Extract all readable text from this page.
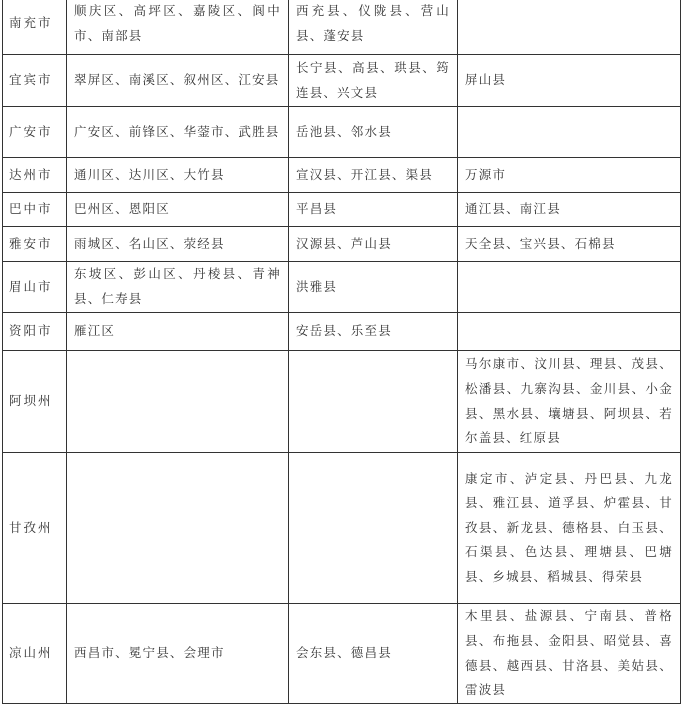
南充市	顺庆区、高坪区、嘉陵区、阆中市、南部县	西充县、仪陇县、营山县、蓬安县	
宜宾市	翠屏区、南溪区、叙州区、江安县	长宁县、高县、珙县、筠连县、兴文县	屏山县
广安市	广安区、前锋区、华蓥市、武胜县	岳池县、邻水县	
达州市	通川区、达川区、大竹县	宣汉县、开江县、渠县	万源市
巴中市	巴州区、恩阳区	平昌县	通江县、南江县
雅安市	雨城区、名山区、荥经县	汉源县、芦山县	天全县、宝兴县、石棉县
眉山市	东坡区、彭山区、丹棱县、青神县、仁寿县	洪雅县	
资阳市	雁江区	安岳县、乐至县	
阿坝州			马尔康市、汶川县、理县、茂县、松潘县、九寨沟县、金川县、小金县、黑水县、壤塘县、阿坝县、若尔盖县、红原县
甘孜州			康定市、泸定县、丹巴县、九龙县、雅江县、道孚县、炉霍县、甘孜县、新龙县、德格县、白玉县、石渠县、色达县、理塘县、巴塘县、乡城县、稻城县、得荣县
凉山州	西昌市、冕宁县、会理市	会东县、德昌县	木里县、盐源县、宁南县、普格县、布拖县、金阳县、昭觉县、喜德县、越西县、甘洛县、美姑县、雷波县
